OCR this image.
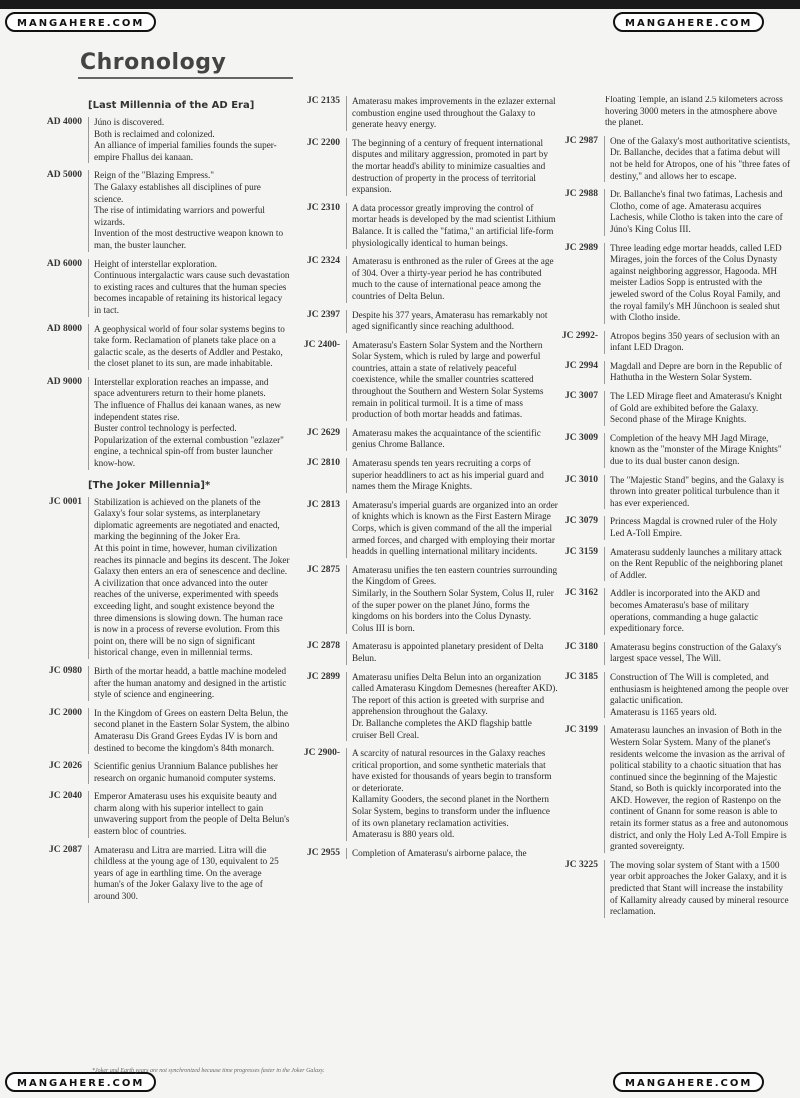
MANGAHERE.COM	MANGAHERE.COM
MANGAHERE.COM	MANGAHERE.COM
Chronology
[Last Millennia of the AD Era]
AD 4000	Júno is discovered.
Both is reclaimed and colonized.
An alliance of imperial families founds the super-empire Fhallus dei kanaan.
AD 5000	Reign of the "Blazing Empress."
The Galaxy establishes all disciplines of pure science.
The rise of intimidating warriors and powerful wizards.
Invention of the most destructive weapon known to man, the buster launcher.
AD 6000	Height of interstellar exploration.
Continuous intergalactic wars cause such devastation to existing races and cultures that the human species becomes incapable of retaining its historical legacy in tact.
AD 8000	A geophysical world of four solar systems begins to take form. Reclamation of planets take place on a galactic scale, as the deserts of Addler and Pestako, the closet planet to its sun, are made inhabitable.
AD 9000	Interstellar exploration reaches an impasse, and space adventurers return to their home planets.
The influence of Fhallus dei kanaan wanes, as new independent states rise.
Buster control technology is perfected.
Popularization of the external combustion "ezlazer" engine, a technical spin-off from buster launcher know-how.
[The Joker Millennia]*
JC 0001	Stabilization is achieved on the planets of the Galaxy's four solar systems, as interplanetary diplomatic agreements are negotiated and enacted, marking the beginning of the Joker Era.
At this point in time, however, human civilization reaches its pinnacle and begins its descent. The Joker Galaxy then enters an era of senescence and decline. A civilization that once advanced into the outer reaches of the universe, experimented with speeds exceeding light, and sought existence beyond the three dimensions is slowing down. The human race is now in a process of reverse evolution. From this point on, there will be no sign of significant historical change, even in millennial terms.
JC 0980	Birth of the mortar headd, a battle machine modeled after the human anatomy and designed in the artistic style of science and engineering.
JC 2000	In the Kingdom of Grees on eastern Delta Belun, the second planet in the Eastern Solar System, the albino Amaterasu Dis Grand Grees Eydas IV is born and destined to become the kingdom's 84th monarch.
JC 2026	Scientific genius Urannium Balance publishes her research on organic humanoid computer systems.
JC 2040	Emperor Amaterasu uses his exquisite beauty and charm along with his superior intellect to gain unwavering support from the people of Delta Belun's eastern bloc of countries.
JC 2087	Amaterasu and Litra are married. Litra will die childless at the young age of 130, equivalent to 25 years of age in earthling time. On the average human's of the Joker Galaxy live to the age of around 300.
JC 2135	Amaterasu makes improvements in the ezlazer external combustion engine used throughout the Galaxy to generate heavy energy.
JC 2200	The beginning of a century of frequent international disputes and military aggression, promoted in part by the mortar headd's ability to minimize casualties and destruction of property in the process of territorial expansion.
JC 2310	A data processor greatly improving the control of mortar heads is developed by the mad scientist Lithium Balance. It is called the "fatima," an artificial life-form physiologically identical to human beings.
JC 2324	Amaterasu is enthroned as the ruler of Grees at the age of 304. Over a thirty-year period he has contributed much to the cause of international peace among the countries of Delta Belun.
JC 2397	Despite his 377 years, Amaterasu has remarkably not aged significantly since reaching adulthood.
JC 2400-	Amaterasu's Eastern Solar System and the Northern Solar System, which is ruled by large and powerful countries, attain a state of relatively peaceful coexistence, while the smaller countries scattered throughout the Southern and Western Solar Systems remain in political turmoil. It is a time of mass production of both mortar headds and fatimas.
JC 2629	Amaterasu makes the acquaintance of the scientific genius Chrome Ballance.
JC 2810	Amaterasu spends ten years recruiting a corps of superior headdliners to act as his imperial guard and names them the Mirage Knights.
JC 2813	Amaterasu's imperial guards are organized into an order of knights which is known as the First Eastern Mirage Corps, which is given command of the all the imperial armed forces, and charged with employing their mortar headds in quelling international military incidents.
JC 2875	Amaterasu unifies the ten eastern countries surrounding the Kingdom of Grees.
Similarly, in the Southern Solar System, Colus II, ruler of the super power on the planet Júno, forms the kingdoms on his borders into the Colus Dynasty.
Colus III is born.
JC 2878	Amaterasu is appointed planetary president of Delta Belun.
JC 2899	Amaterasu unifies Delta Belun into an organization called Amaterasu Kingdom Demesnes (hereafter AKD). The report of this action is greeted with surprise and apprehension throughout the Galaxy.
Dr. Ballanche completes the AKD flagship battle cruiser Bell Creal.
JC 2900-	A scarcity of natural resources in the Galaxy reaches critical proportion, and some synthetic materials that have existed for thousands of years begin to transform or deteriorate.
Kallamity Gooders, the second planet in the Northern Solar System, begins to transform under the influence of its own planetary reclamation activities.
Amaterasu is 880 years old.
JC 2955	Completion of Amaterasu's airborne palace, the
Floating Temple, an island 2.5 kilometers across
hovering 3000 meters in the atmosphere above
the planet.
JC 2987	One of the Galaxy's most authoritative scientists,
Dr. Ballanche, decides that a fatima debut will
not be held for Atropos, one of his "three fates of
destiny," and allows her to escape.
JC 2988	Dr. Ballanche's final two fatimas, Lachesis and
Clotho, come of age. Amaterasu acquires
Lachesis, while Clotho is taken into the care of
Júno's King Colus III.
JC 2989	Three leading edge mortar headds, called LED
Mirages, join the forces of the Colus Dynasty
against neighboring aggressor, Hagooda. MH
meister Ladios Sopp is entrusted with the
jeweled sword of the Colus Royal Family, and
the royal family's MH Jünchoon is sealed shut
with Clotho inside.
JC 2992-	Atropos begins 350 years of seclusion with an
infant LED Dragon.
JC 2994	Magdall and Depre are born in the Republic of
Hathutha in the Western Solar System.
JC 3007	The LED Mirage fleet and Amaterasu's Knight
of Gold are exhibited before the Galaxy.
Second phase of the Mirage Knights.
JC 3009	Completion of the heavy MH Jagd Mirage,
known as the "monster of the Mirage Knights"
due to its dual buster canon design.
JC 3010	The "Majestic Stand" begins, and the Galaxy is
thrown into greater political turbulence than it
has ever experienced.
JC 3079	Princess Magdal is crowned ruler of the Holy
Led A-Toll Empire.
JC 3159	Amaterasu suddenly launches a military attack
on the Rent Republic of the neighboring planet
of Addler.
JC 3162	Addler is incorporated into the AKD and
becomes Amaterasu's base of military
operations, commanding a huge galactic
expeditionary force.
JC 3180	Amaterasu begins construction of the Galaxy's
largest space vessel, The Will.
JC 3185	Construction of The Will is completed, and
enthusiasm is heightened among the people over
galactic unification.
Amaterasu is 1165 years old.
JC 3199	Amaterasu launches an invasion of Both in the
Western Solar System. Many of the planet's
residents welcome the invasion as the arrival of
political stability to a chaotic situation that has
continued since the beginning of the Majestic
Stand, so Both is quickly incorporated into the
AKD. However, the region of Rastenpo on the
continent of Gnann for some reason is able to
retain its former status as a free and autonomous
district, and only the Holy Led A-Toll Empire is
granted sovereignty.
JC 3225	The moving solar system of Stant with a 1500
year orbit approaches the Joker Galaxy, and it is
predicted that Stant will increase the instability
of Kallamity already caused by mineral resource
reclamation.
*Joker and Earth years are not synchronized because time progresses faster in the Joker Galaxy.
